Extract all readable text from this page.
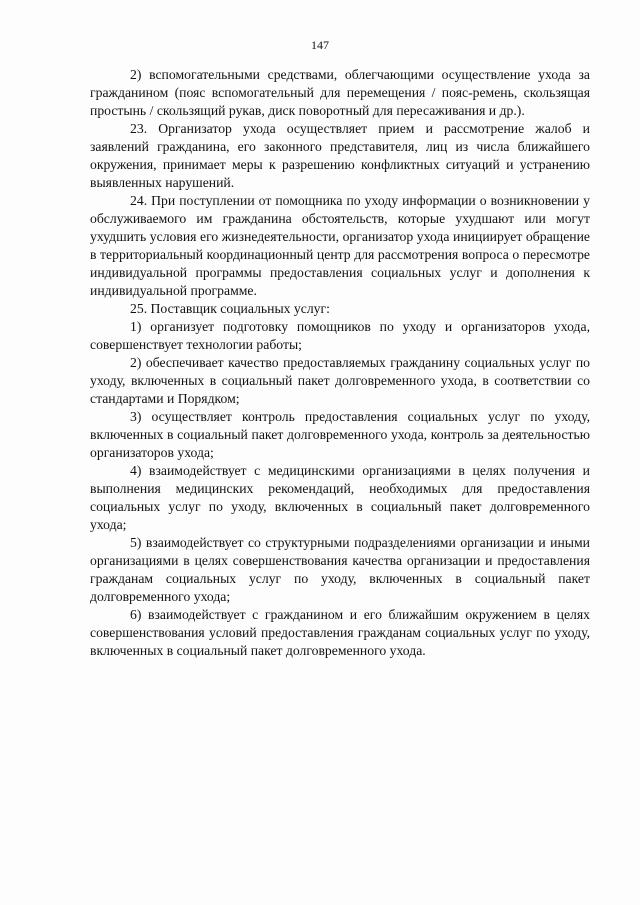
147

2) вспомогательными средствами, облегчающими осуществление ухода за гражданином (пояс вспомогательный для перемещения / пояс-ремень, скользящая простынь / скользящий рукав, диск поворотный для пересаживания и др.).

23. Организатор ухода осуществляет прием и рассмотрение жалоб и заявлений гражданина, его законного представителя, лиц из числа ближайшего окружения, принимает меры к разрешению конфликтных ситуаций и устранению выявленных нарушений.

24. При поступлении от помощника по уходу информации о возникновении у обслуживаемого им гражданина обстоятельств, которые ухудшают или могут ухудшить условия его жизнедеятельности, организатор ухода инициирует обращение в территориальный координационный центр для рассмотрения вопроса о пересмотре индивидуальной программы предоставления социальных услуг и дополнения к индивидуальной программе.

25. Поставщик социальных услуг:

1) организует подготовку помощников по уходу и организаторов ухода, совершенствует технологии работы;

2) обеспечивает качество предоставляемых гражданину социальных услуг по уходу, включенных в социальный пакет долговременного ухода, в соответствии со стандартами и Порядком;

3) осуществляет контроль предоставления социальных услуг по уходу, включенных в социальный пакет долговременного ухода, контроль за деятельностью организаторов ухода;

4) взаимодействует с медицинскими организациями в целях получения и выполнения медицинских рекомендаций, необходимых для предоставления социальных услуг по уходу, включенных в социальный пакет долговременного ухода;

5) взаимодействует со структурными подразделениями организации и иными организациями в целях совершенствования качества организации и предоставления гражданам социальных услуг по уходу, включенных в социальный пакет долговременного ухода;

6) взаимодействует с гражданином и его ближайшим окружением в целях совершенствования условий предоставления гражданам социальных услуг по уходу, включенных в социальный пакет долговременного ухода.
